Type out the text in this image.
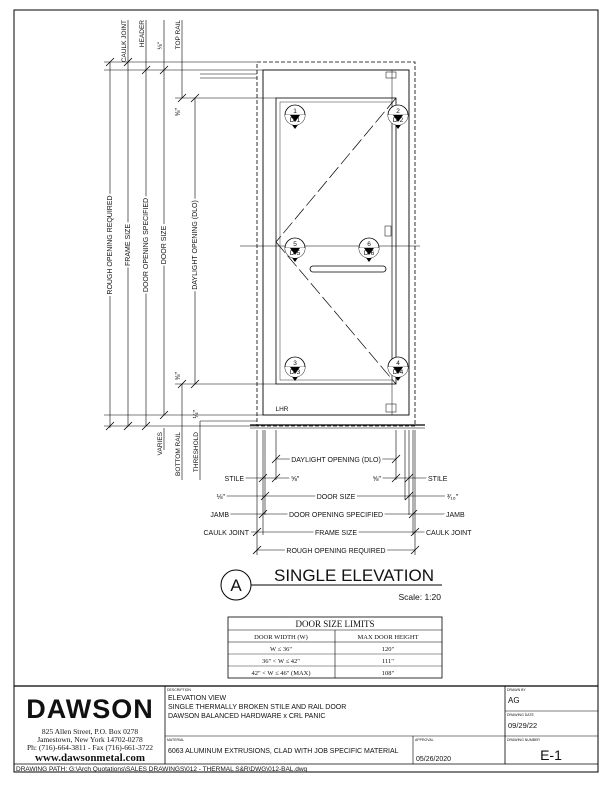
ROUGH OPENING REQUIRED FRAME SIZE DOOR OPENING SPECIFIED DOOR SIZE	DAYLIGHT OPENING (DLO)
CAULK JOINT HEADER ⅛" TOP RAIL
⅝"
⅝"
¼"
VARIES BOTTOM RAIL THRESHOLD
1
D-1
2
D-2
5
D-5
6
D-6
3
D-3
4
D-4
LHR
DAYLIGHT OPENING (DLO)
STILE	⅝"	⅝"	STILE
⅛"	DOOR SIZE	³⁄₁₆"
JAMB	DOOR OPENING SPECIFIED	JAMB
CAULK JOINT	FRAME SIZE	CAULK JOINT
ROUGH OPENING REQUIRED
A
SINGLE ELEVATION
Scale: 1:20
DOOR SIZE LIMITS
DOOR WIDTH (W)	MAX DOOR HEIGHT
W ≤ 36"	120"
36" < W ≤ 42"	111"
42" < W ≤ 46" (MAX)	108"
DAWSON
825 Allen Street, P.O. Box 0278
Jamestown, New York 14702-0278
Ph: (716)-664-3811 - Fax (716)-661-3722
www.dawsonmetal.com
DESCRIPTION
ELEVATION VIEW
SINGLE THERMALLY BROKEN STILE AND RAIL DOOR
DAWSON BALANCED HARDWARE x CRL PANIC
MATERIAL
6063 ALUMINUM EXTRUSIONS, CLAD WITH JOB SPECIFIC MATERIAL
APPROVAL
05/26/2020
DRAWN BY
AG
DRAWING DATE
09/29/22
DRAWING NUMBER
E-1
DRAWING PATH: G:\Arch Quotations\SALES DRAWINGS\012 - THERMAL S&R\DWG\012-BAL.dwg
